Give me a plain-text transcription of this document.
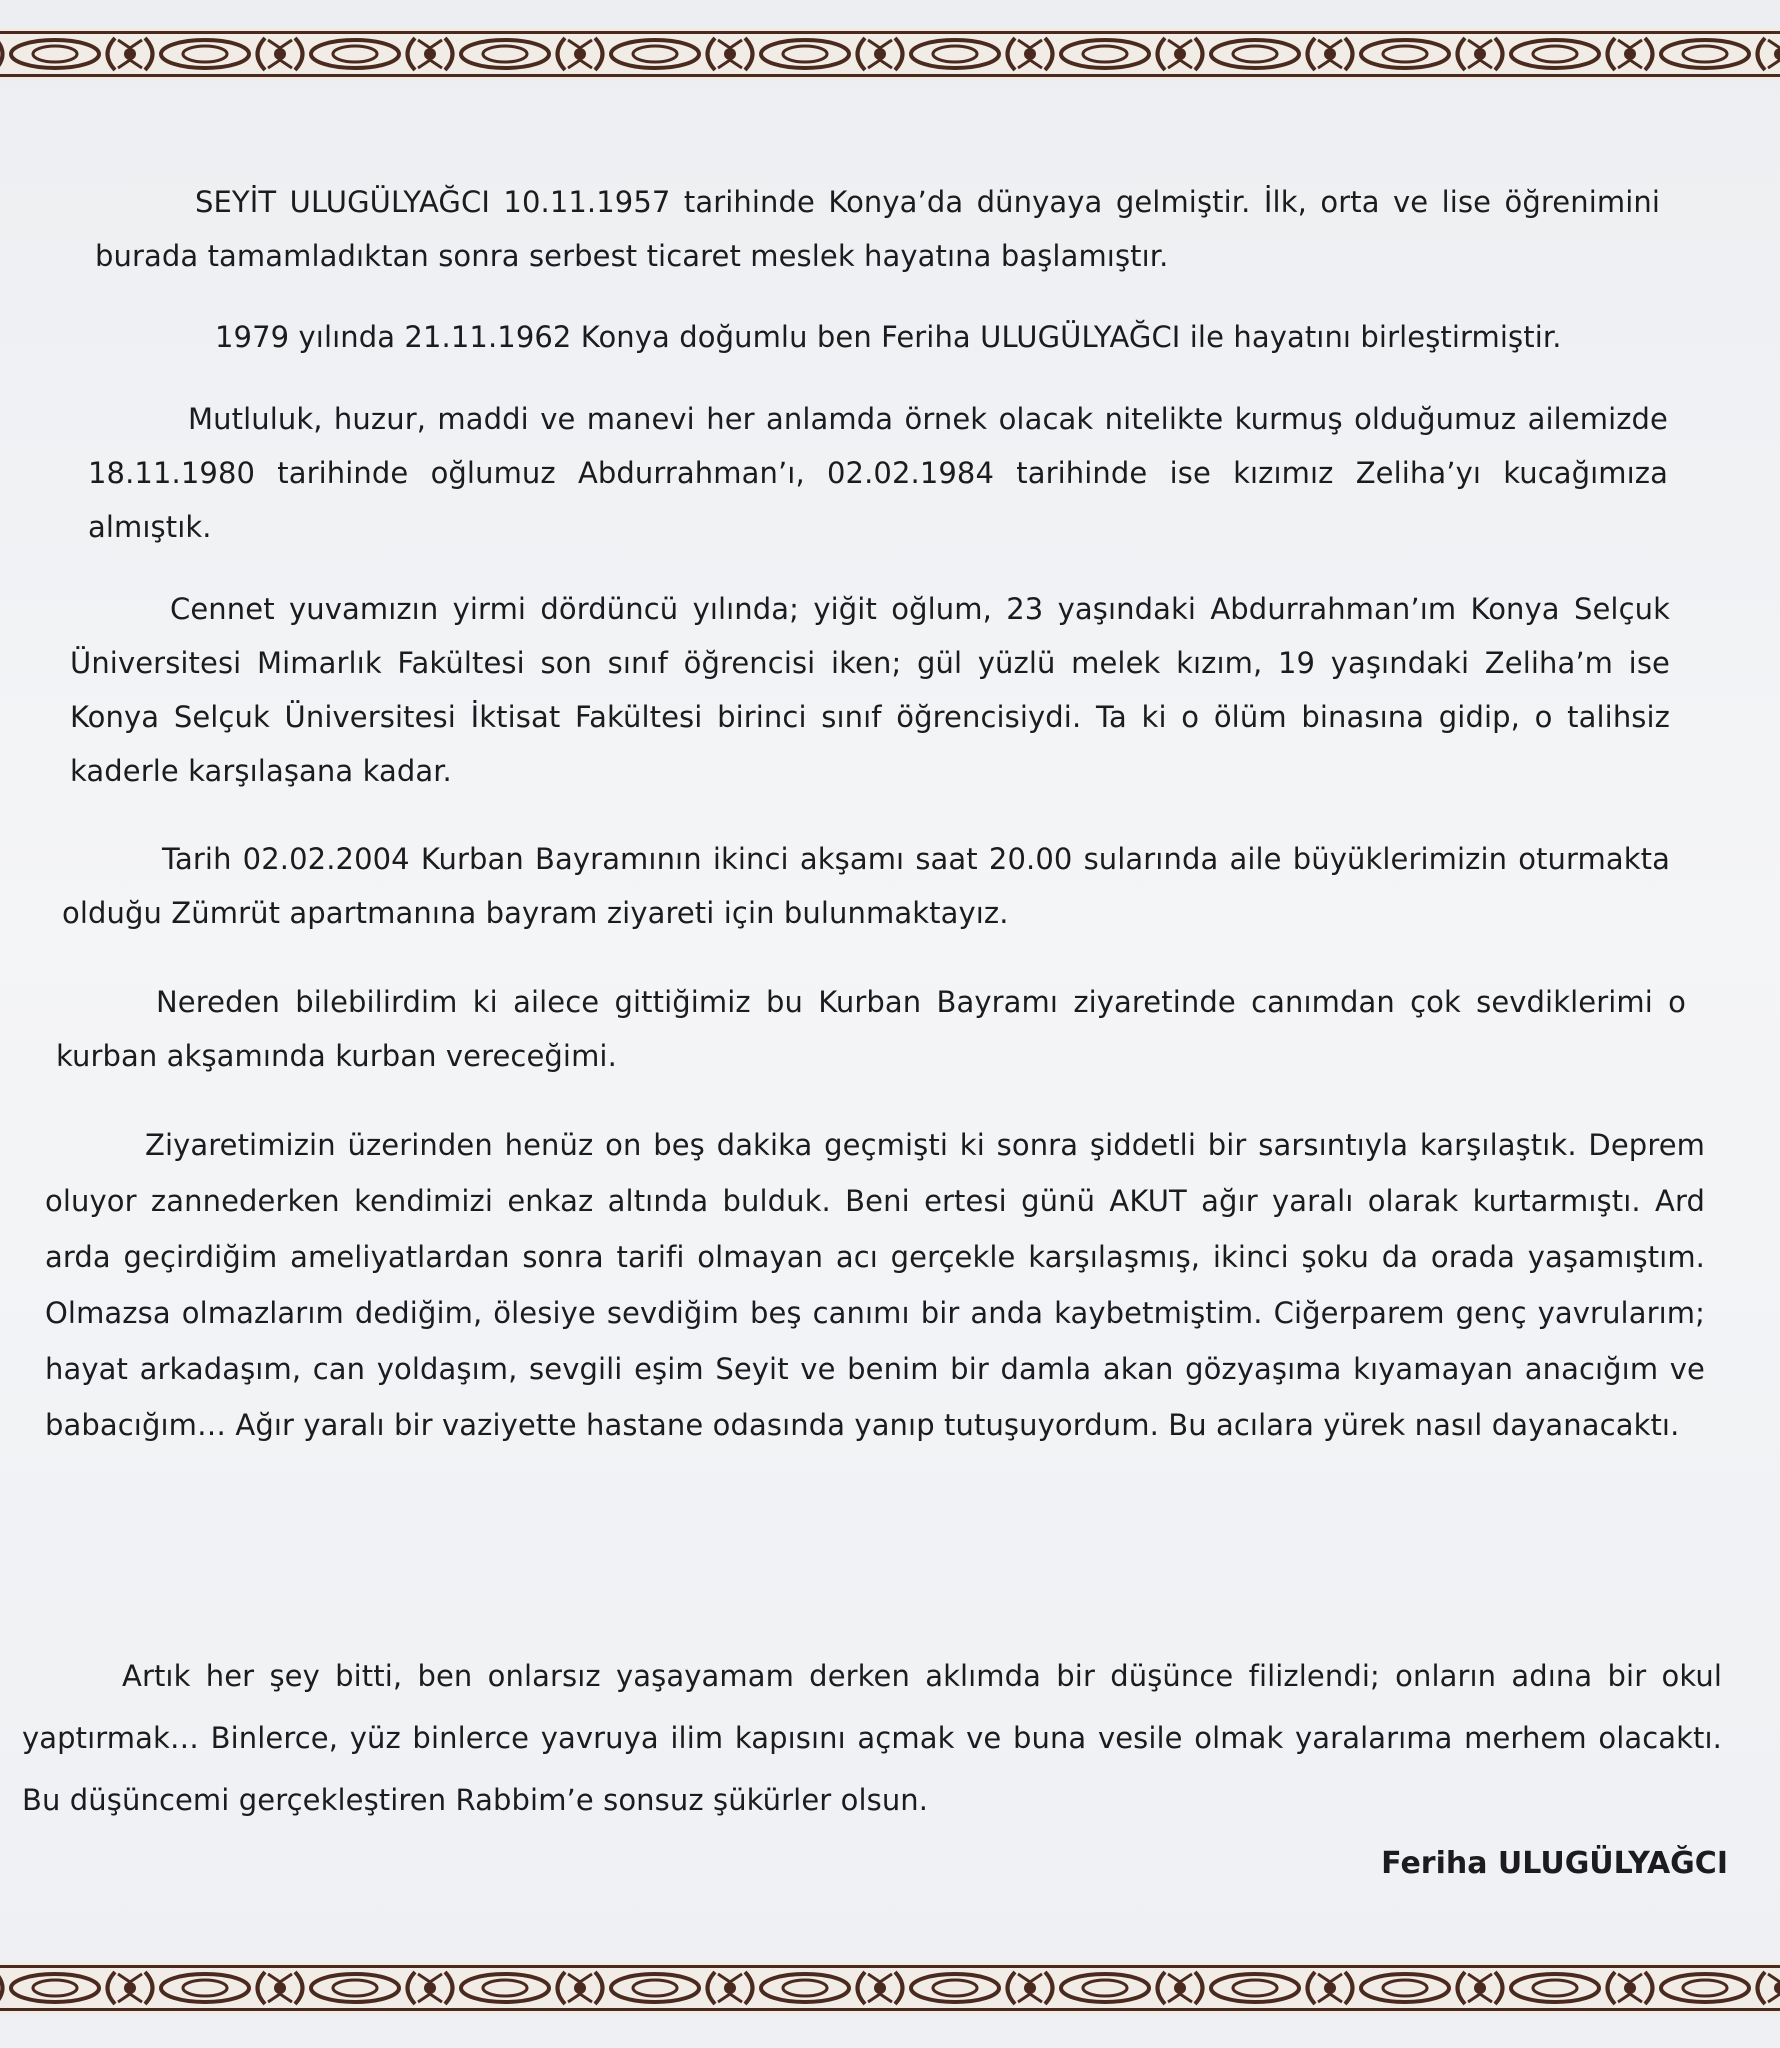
SEYİT ULUGÜLYAĞCI 10.11.1957 tarihinde Konya’da dünyaya gelmiştir. İlk, orta ve lise öğrenimini burada tamamladıktan sonra serbest ticaret meslek hayatına başlamıştır.

1979 yılında 21.11.1962 Konya doğumlu ben Feriha ULUGÜLYAĞCI ile hayatını birleştirmiştir.

Mutluluk, huzur, maddi ve manevi her anlamda örnek olacak nitelikte kurmuş olduğumuz ailemizde 18.11.1980 tarihinde oğlumuz Abdurrahman’ı, 02.02.1984 tarihinde ise kızımız Zeliha’yı kucağımıza almıştık.

Cennet yuvamızın yirmi dördüncü yılında; yiğit oğlum, 23 yaşındaki Abdurrahman’ım Konya Selçuk Üniversitesi Mimarlık Fakültesi son sınıf öğrencisi iken; gül yüzlü melek kızım, 19 yaşındaki Zeliha’m ise Konya Selçuk Üniversitesi İktisat Fakültesi birinci sınıf öğrencisiydi. Ta ki o ölüm binasına gidip, o talihsiz kaderle karşılaşana kadar.

Tarih 02.02.2004 Kurban Bayramının ikinci akşamı saat 20.00 sularında aile büyüklerimizin oturmakta olduğu Zümrüt apartmanına bayram ziyareti için bulunmaktayız.

Nereden bilebilirdim ki ailece gittiğimiz bu Kurban Bayramı ziyaretinde canımdan çok sevdiklerimi o kurban akşamında kurban vereceğimi.

Ziyaretimizin üzerinden henüz on beş dakika geçmişti ki sonra şiddetli bir sarsıntıyla karşılaştık. Deprem oluyor zannederken kendimizi enkaz altında bulduk. Beni ertesi günü AKUT ağır yaralı olarak kurtarmıştı. Ard arda geçirdiğim ameliyatlardan sonra tarifi olmayan acı gerçekle karşılaşmış, ikinci şoku da orada yaşamıştım. Olmazsa olmazlarım dediğim, ölesiye sevdiğim beş canımı bir anda kaybetmiştim. Ciğerparem genç yavrularım; hayat arkadaşım, can yoldaşım, sevgili eşim Seyit ve benim bir damla akan gözyaşıma kıyamayan anacığım ve babacığım… Ağır yaralı bir vaziyette hastane odasında yanıp tutuşuyordum. Bu acılara yürek nasıl dayanacaktı.

Artık her şey bitti, ben onlarsız yaşayamam derken aklımda bir düşünce filizlendi; onların adına bir okul yaptırmak… Binlerce, yüz binlerce yavruya ilim kapısını açmak ve buna vesile olmak yaralarıma merhem olacaktı. Bu düşüncemi gerçekleştiren Rabbim’e sonsuz şükürler olsun.

Feriha ULUGÜLYAĞCI
